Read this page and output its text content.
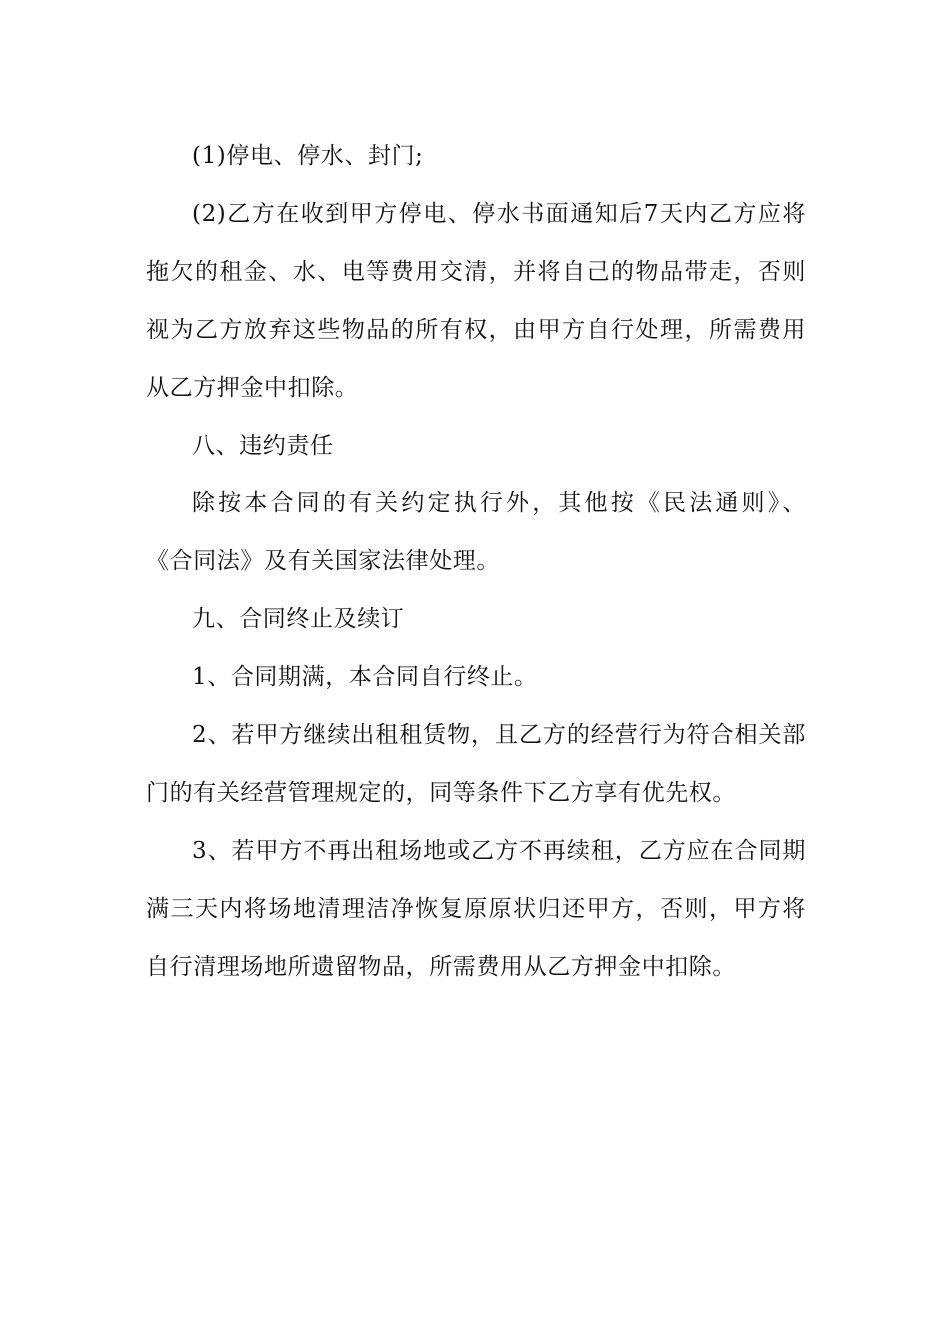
(1)停电、停水、封门;

(2)乙方在收到甲方停电、停水书面通知后7天内乙方应将
拖欠的租金、水、电等费用交清，并将自己的物品带走，否则
视为乙方放弃这些物品的所有权，由甲方自行处理，所需费用
从乙方押金中扣除。

八、违约责任

除按本合同的有关约定执行外，其他按《民法通则》、
《合同法》及有关国家法律处理。

九、合同终止及续订

1、合同期满，本合同自行终止。

2、若甲方继续出租租赁物，且乙方的经营行为符合相关部
门的有关经营管理规定的，同等条件下乙方享有优先权。

3、若甲方不再出租场地或乙方不再续租，乙方应在合同期
满三天内将场地清理洁净恢复原原状归还甲方，否则，甲方将
自行清理场地所遗留物品，所需费用从乙方押金中扣除。
